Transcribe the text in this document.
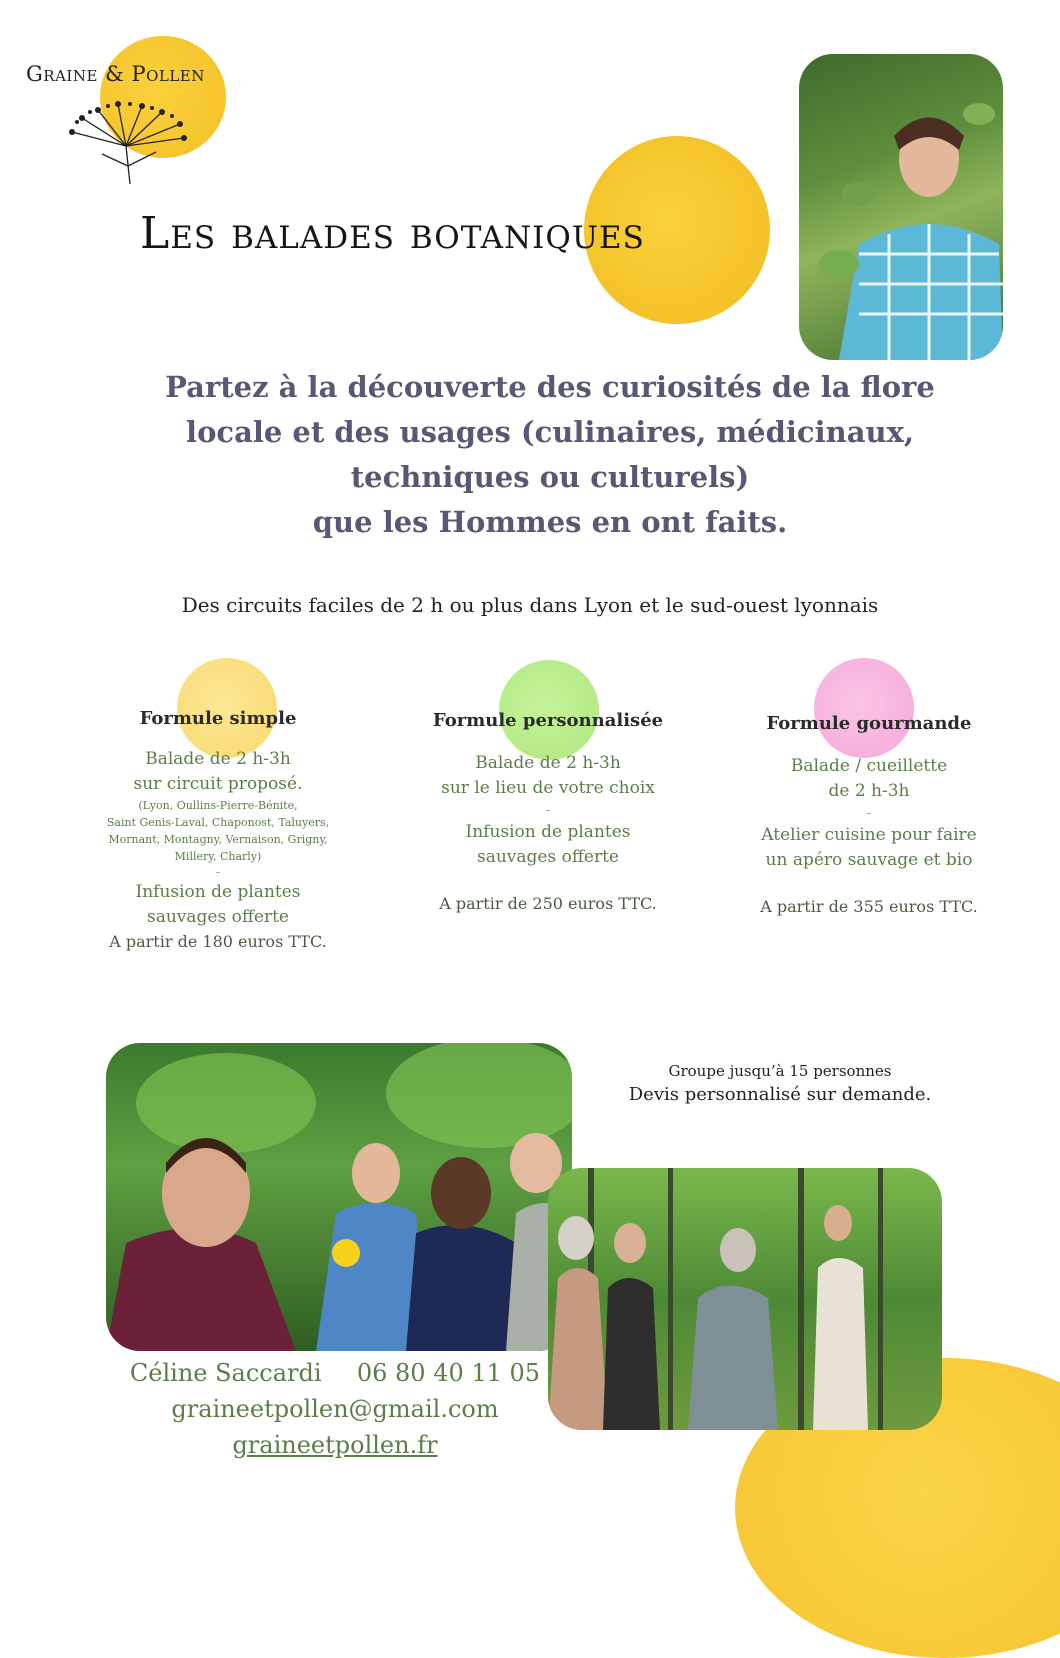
Graine & Pollen
Les balades botaniques
Partez à la découverte des curiosités de la flore
locale et des usages (culinaires, médicinaux,
techniques ou culturels)
que les Hommes en ont faits.
Des circuits faciles de 2 h ou plus dans Lyon et le sud-ouest lyonnais
Formule simple
Balade de 2 h-3h
sur circuit proposé.
(Lyon, Oullins-Pierre-Bénite,
Saint Genis-Laval, Chaponost, Taluyers,
Mornant, Montagny, Vernaison, Grigny,
Millery, Charly)
-
Infusion de plantes
sauvages offerte
A partir de 180 euros TTC.
Formule personnalisée
Balade de 2 h-3h
sur le lieu de votre choix
-
Infusion de plantes
sauvages offerte
A partir de 250 euros TTC.
Formule gourmande
Balade / cueillette
de 2 h-3h
-
Atelier cuisine pour faire
un apéro sauvage et bio
A partir de 355 euros TTC.
Groupe jusqu’à 15 personnes
Devis personnalisé sur demande.
Céline Saccardi 06 80 40 11 05
graineetpollen@gmail.com
graineetpollen.fr
